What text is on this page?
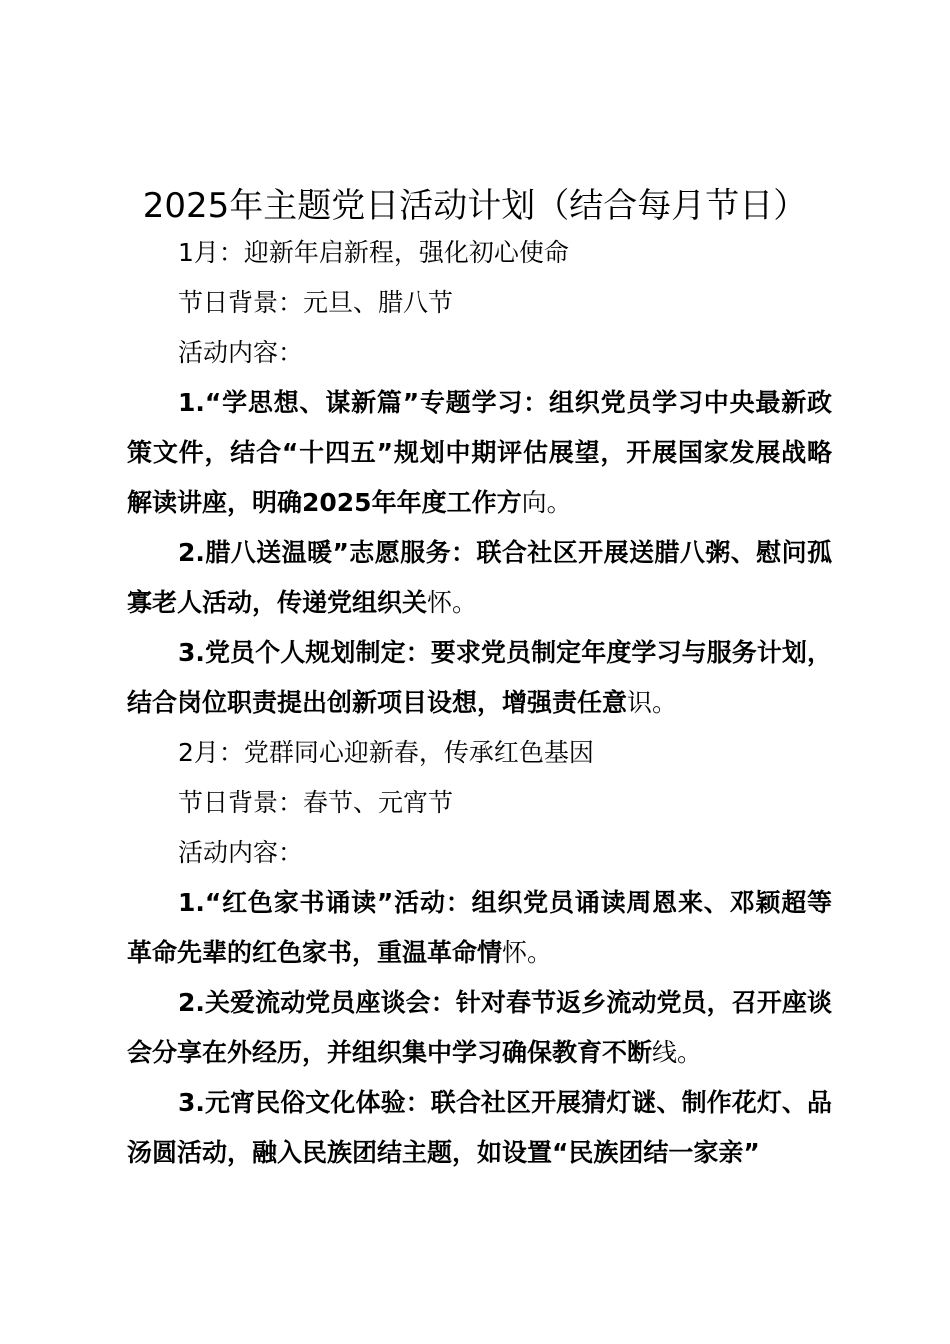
2025年主题党日活动计划（结合每月节日）

1月：迎新年启新程，强化初心使命

节日背景：元旦、腊八节

活动内容：

1.“学思想、谋新篇”专题学习：组织党员学习中央最新政策文件，结合“十四五”规划中期评估展望，开展国家发展战略解读讲座，明确2025年年度工作方向。

2.腊八送温暖”志愿服务：联合社区开展送腊八粥、慰问孤寡老人活动，传递党组织关怀。

3.党员个人规划制定：要求党员制定年度学习与服务计划，结合岗位职责提出创新项目设想，增强责任意识。

2月：党群同心迎新春，传承红色基因

节日背景：春节、元宵节

活动内容：

1.“红色家书诵读”活动：组织党员诵读周恩来、邓颖超等革命先辈的红色家书，重温革命情怀。

2.关爱流动党员座谈会：针对春节返乡流动党员，召开座谈会分享在外经历，并组织集中学习确保教育不断线。

3.元宵民俗文化体验：联合社区开展猜灯谜、制作花灯、品汤圆活动，融入民族团结主题，如设置“民族团结一家亲”
